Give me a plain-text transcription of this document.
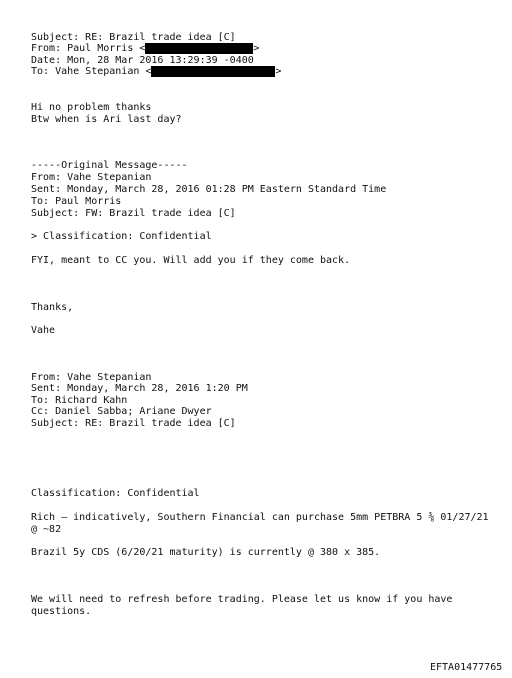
Subject: RE: Brazil trade idea [C]
From: Paul Morris <	>
Date: Mon, 28 Mar 2016 13:29:39 -0400
To: Vahe Stepanian <	>
Hi no problem thanks
Btw when is Ari last day?
-----Original Message-----
From: Vahe Stepanian
Sent: Monday, March 28, 2016 01:28 PM Eastern Standard Time
To: Paul Morris
Subject: FW: Brazil trade idea [C]
> Classification: Confidential
FYI, meant to CC you. Will add you if they come back.
Thanks,
Vahe
From: Vahe Stepanian
Sent: Monday, March 28, 2016 1:20 PM
To: Richard Kahn
Cc: Daniel Sabba; Ariane Dwyer
Subject: RE: Brazil trade idea [C]
Classification: Confidential
Rich – indicatively, Southern Financial can purchase 5mm PETBRA 5 ⅜ 01/27/21
@ ~82
Brazil 5y CDS (6/20/21 maturity) is currently @ 380 x 385.
We will need to refresh before trading. Please let us know if you have
questions.
EFTA01477765
